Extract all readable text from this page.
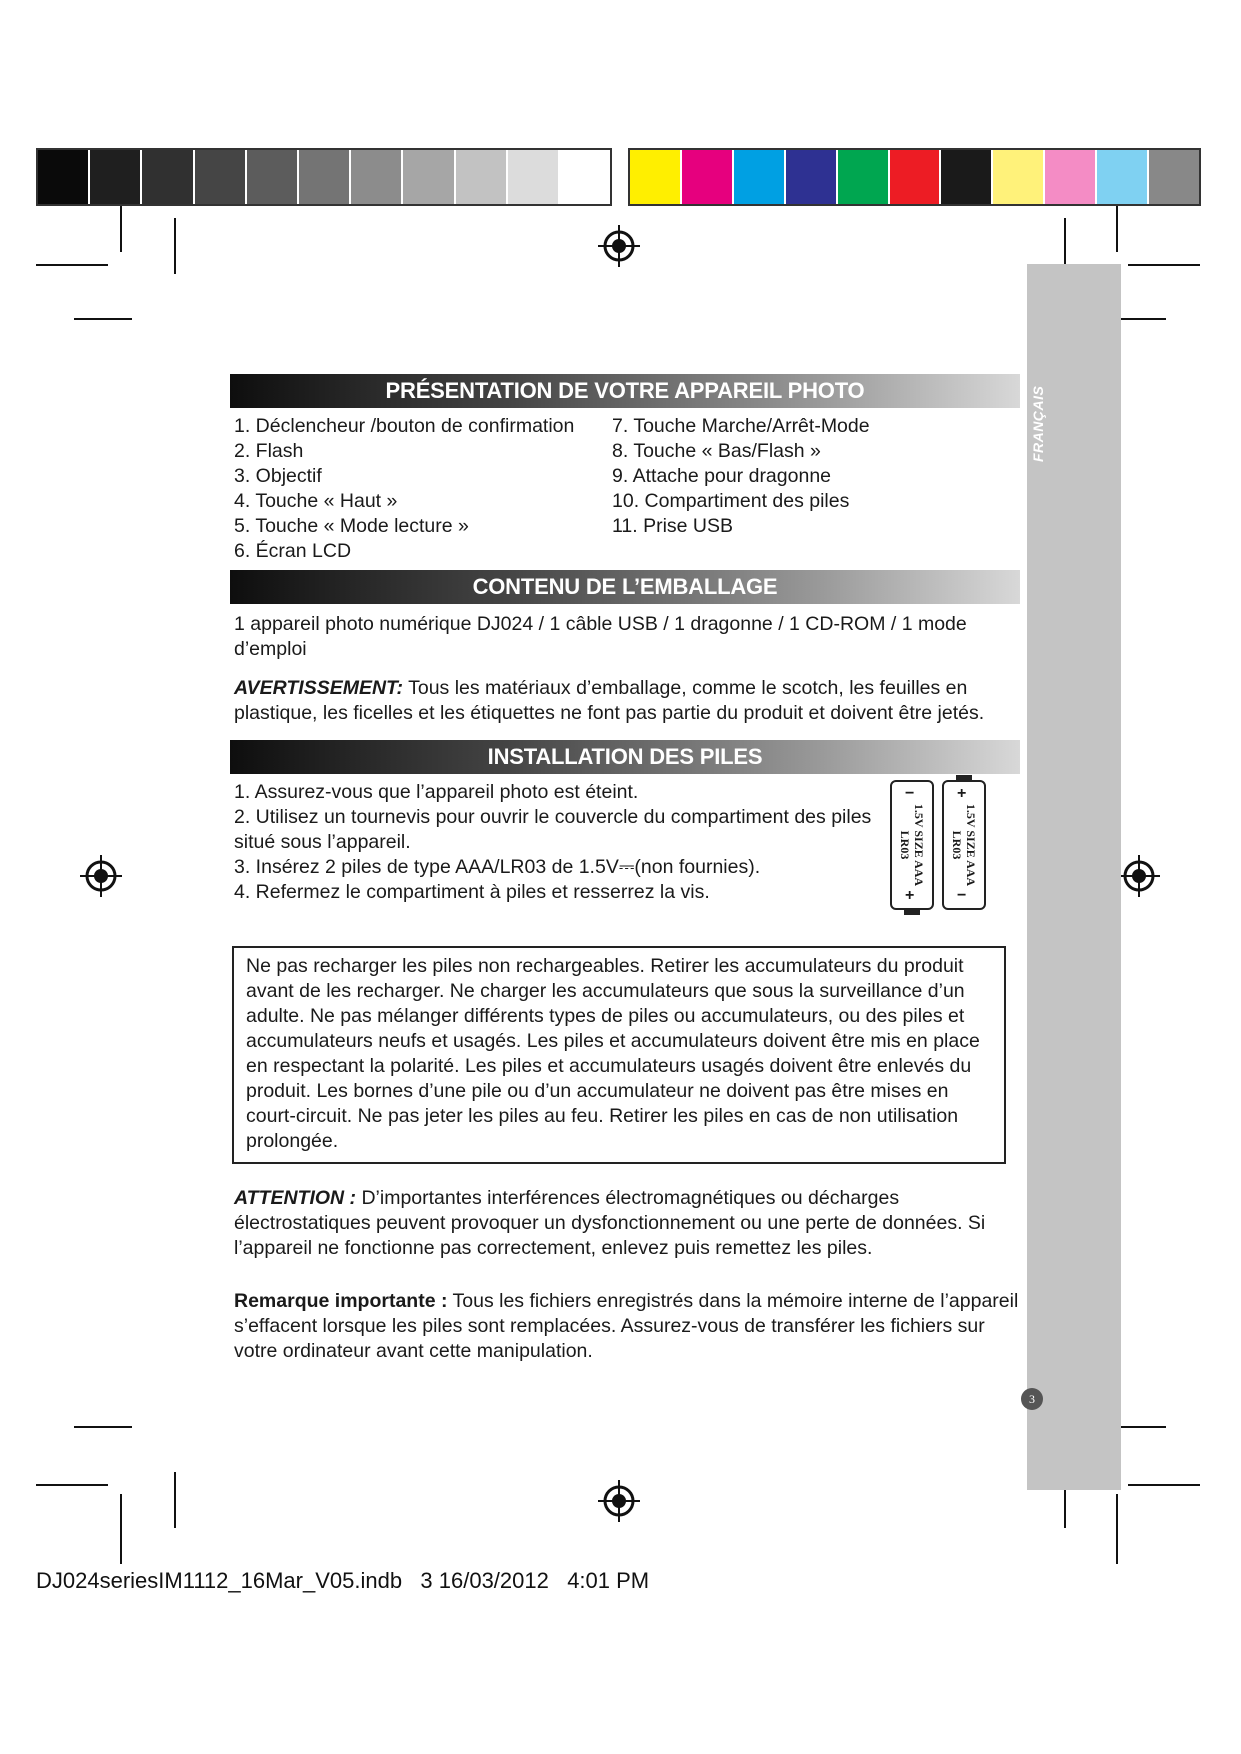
FRANÇAIS
3
PRÉSENTATION DE VOTRE APPAREIL PHOTO
1. Déclencheur /bouton de confirmation
2. Flash
3. Objectif
4. Touche « Haut »
5. Touche « Mode lecture »
6. Écran LCD
7. Touche Marche/Arrêt-Mode
8. Touche « Bas/Flash »
9. Attache pour dragonne
10. Compartiment des piles
11. Prise USB
CONTENU DE L’EMBALLAGE

1 appareil photo numérique DJ024 / 1 câble USB / 1 dragonne / 1 CD-ROM / 1 mode d’emploi

AVERTISSEMENT: Tous les matériaux d’emballage, comme le scotch, les feuilles en plastique, les ficelles et les étiquettes ne font pas partie du produit et doivent être jetés.

INSTALLATION DES PILES
1. Assurez-vous que l’appareil photo est éteint.
2. Utilisez un tournevis pour ouvrir le couvercle du compartiment des piles situé sous l’appareil.
3. Insérez 2 piles de type AAA/LR03 de 1.5V⎓(non fournies).
4. Refermez le compartiment à piles et resserrez la vis.
−
1.5V SIZE AAA
LR03
+
+
1.5V SIZE AAA
LR03
−

Ne pas recharger les piles non rechargeables. Retirer les accumulateurs du produit avant de les recharger. Ne charger les accumulateurs que sous la surveillance d’un adulte. Ne pas mélanger différents types de piles ou accumulateurs, ou des piles et accumulateurs neufs et usagés. Les piles et accumulateurs doivent être mis en place en respectant la polarité. Les piles et accumulateurs usagés doivent être enlevés du produit. Les bornes d’une pile ou d’un accumulateur ne doivent pas être mises en court-circuit. Ne pas jeter les piles au feu. Retirer les piles en cas de non utilisation prolongée.

ATTENTION : D’importantes interférences électromagnétiques ou décharges électrostatiques peuvent provoquer un dysfonctionnement ou une perte de données. Si l’appareil ne fonctionne pas correctement, enlevez puis remettez les piles.

Remarque importante : Tous les fichiers enregistrés dans la mémoire interne de l’appareil s’effacent lorsque les piles sont remplacées. Assurez-vous de transférer les fichiers sur votre ordinateur avant cette manipulation.

DJ024seriesIM1112_16Mar_V05.indb   3 16/03/2012   4:01 PM
